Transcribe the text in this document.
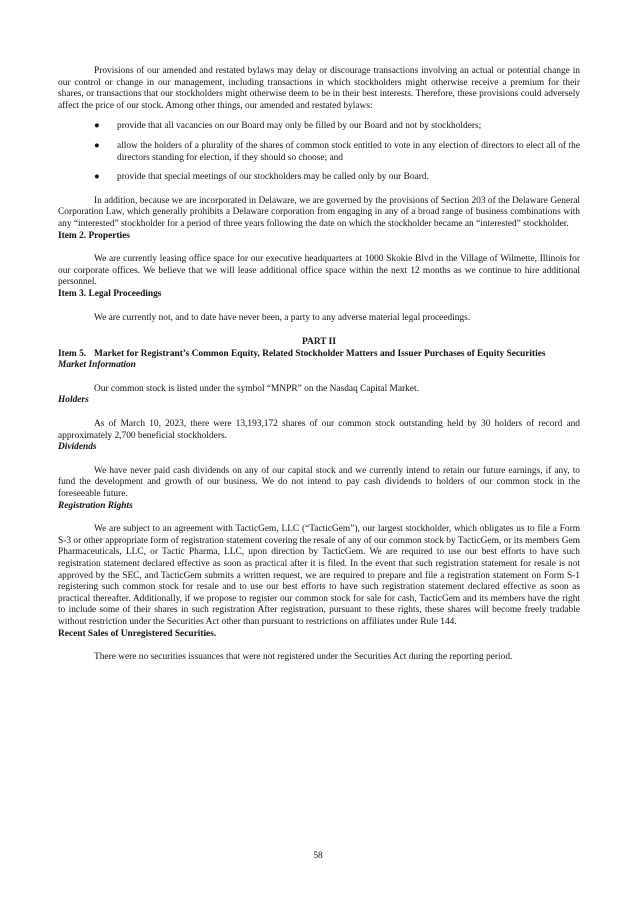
Provisions of our amended and restated bylaws may delay or discourage transactions involving an actual or potential change in our control or change in our management, including transactions in which stockholders might otherwise receive a premium for their shares, or transactions that our stockholders might otherwise deem to be in their best interests. Therefore, these provisions could adversely affect the price of our stock. Among other things, our amended and restated bylaws:

● provide that all vacancies on our Board may only be filled by our Board and not by stockholders;
● allow the holders of a plurality of the shares of common stock entitled to vote in any election of directors to elect all of the directors standing for election, if they should so choose; and
● provide that special meetings of our stockholders may be called only by our Board.

In addition, because we are incorporated in Delaware, we are governed by the provisions of Section 203 of the Delaware General Corporation Law, which generally prohibits a Delaware corporation from engaging in any of a broad range of business combinations with any “interested” stockholder for a period of three years following the date on which the stockholder became an “interested” stockholder.

Item 2. Properties

We are currently leasing office space for our executive headquarters at 1000 Skokie Blvd in the Village of Wilmette, Illinois for our corporate offices. We believe that we will lease additional office space within the next 12 months as we continue to hire additional personnel.

Item 3. Legal Proceedings

We are currently not, and to date have never been, a party to any adverse material legal proceedings.

PART II

Item 5. Market for Registrant’s Common Equity, Related Stockholder Matters and Issuer Purchases of Equity Securities

Market Information

Our common stock is listed under the symbol “MNPR” on the Nasdaq Capital Market.

Holders

As of March 10, 2023, there were 13,193,172 shares of our common stock outstanding held by 30 holders of record and approximately 2,700 beneficial stockholders.

Dividends

We have never paid cash dividends on any of our capital stock and we currently intend to retain our future earnings, if any, to fund the development and growth of our business. We do not intend to pay cash dividends to holders of our common stock in the foreseeable future.

Registration Rights

We are subject to an agreement with TacticGem, LLC (“TacticGem”), our largest stockholder, which obligates us to file a Form S-3 or other appropriate form of registration statement covering the resale of any of our common stock by TacticGem, or its members Gem Pharmaceuticals, LLC, or Tactic Pharma, LLC, upon direction by TacticGem. We are required to use our best efforts to have such registration statement declared effective as soon as practical after it is filed. In the event that such registration statement for resale is not approved by the SEC, and TacticGem submits a written request, we are required to prepare and file a registration statement on Form S-1 registering such common stock for resale and to use our best efforts to have such registration statement declared effective as soon as practical thereafter. Additionally, if we propose to register our common stock for sale for cash, TacticGem and its members have the right to include some of their shares in such registration After registration, pursuant to these rights, these shares will become freely tradable without restriction under the Securities Act other than pursuant to restrictions on affiliates under Rule 144.

Recent Sales of Unregistered Securities.

There were no securities issuances that were not registered under the Securities Act during the reporting period.

58
